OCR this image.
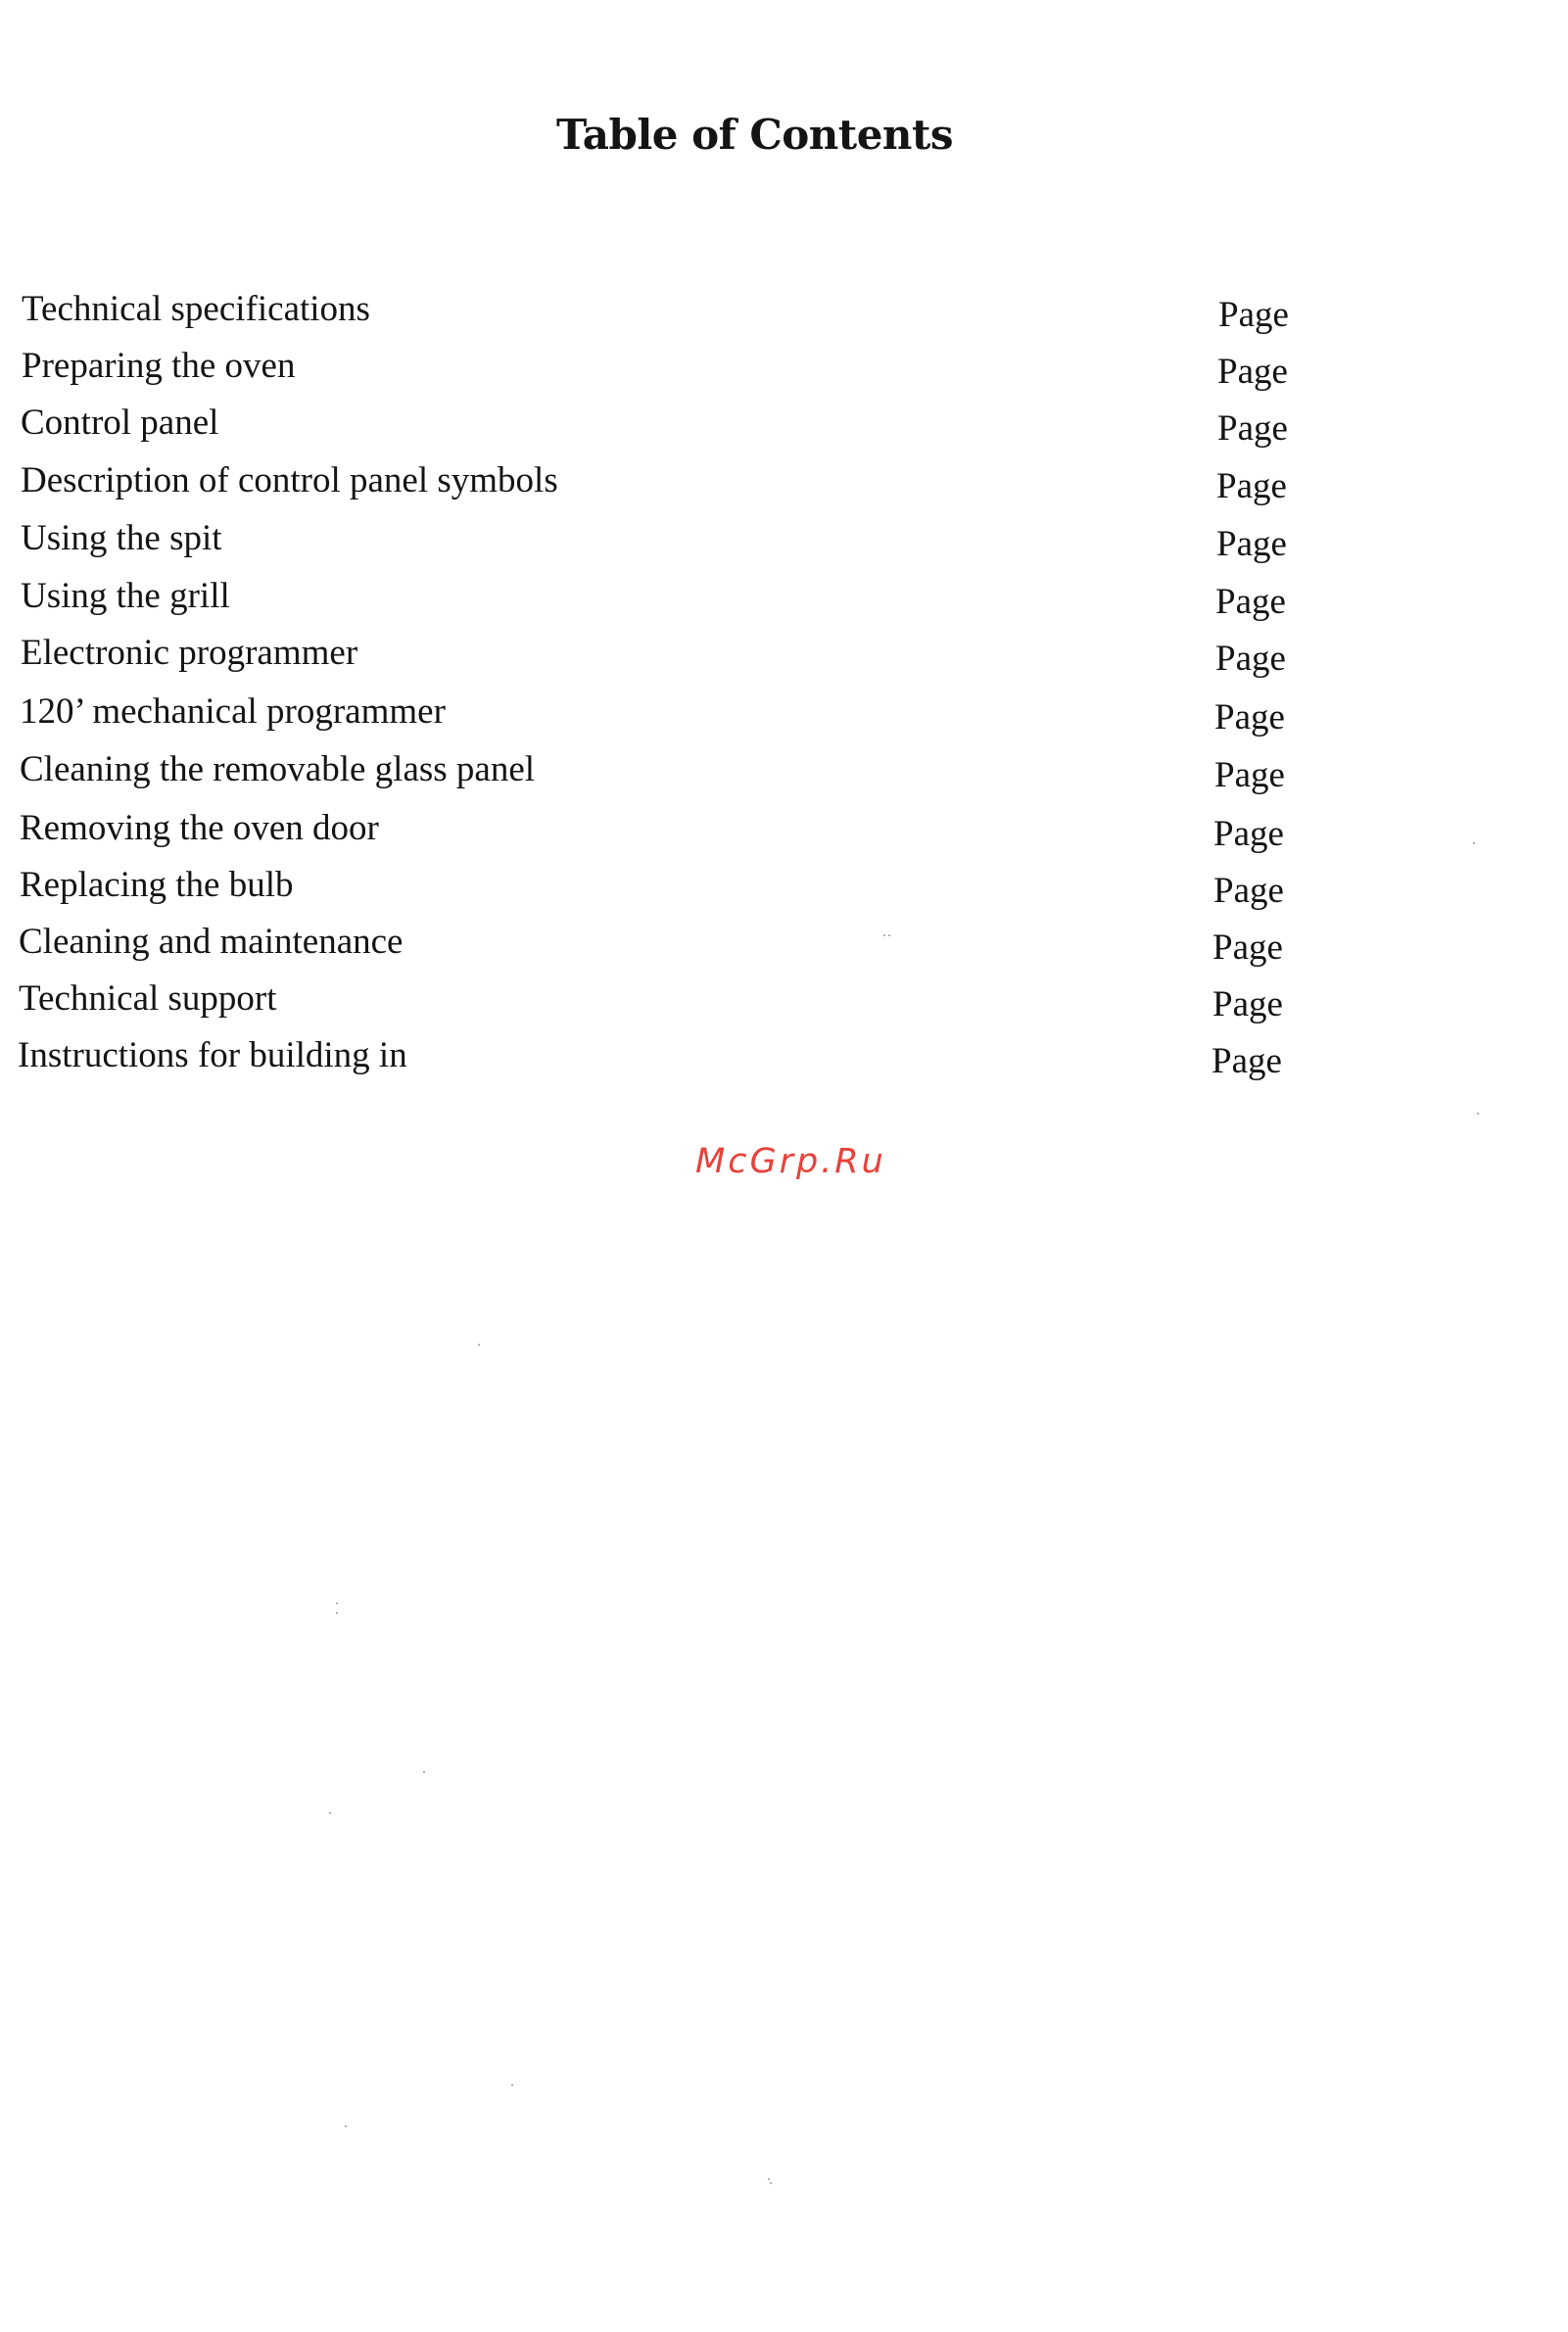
Table of Contents
Technical specifications	Page
Preparing the oven	Page
Control panel	Page
Description of control panel symbols	Page
Using the spit	Page
Using the grill	Page
Electronic programmer	Page
120’ mechanical programmer	Page
Cleaning the removable glass panel	Page
Removing the oven door	Page
Replacing the bulb	Page
Cleaning and maintenance	Page
Technical support	Page
Instructions for building in	Page
McGrp.Ru
